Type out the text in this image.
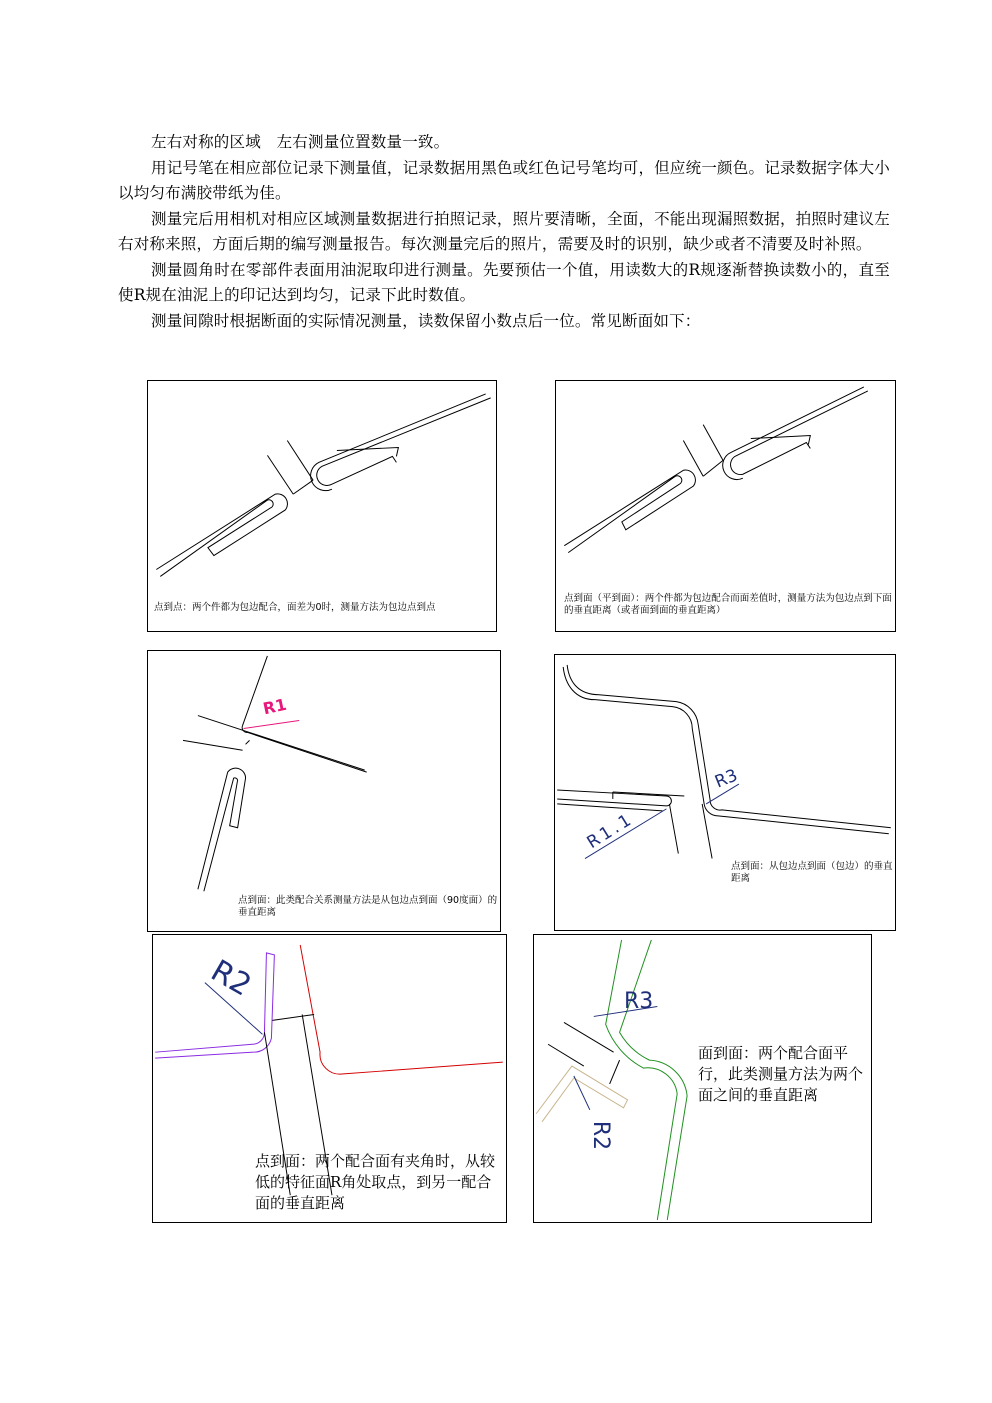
左右对称的区域　左右测量位置数量一致。

用记号笔在相应部位记录下测量值，记录数据用黑色或红色记号笔均可，但应统一颜色。记录数据字体大小以均匀布满胶带纸为佳。

测量完后用相机对相应区域测量数据进行拍照记录，照片要清晰，全面，不能出现漏照数据，拍照时建议左右对称来照，方面后期的编写测量报告。每次测量完后的照片，需要及时的识别，缺少或者不清要及时补照。

测量圆角时在零部件表面用油泥取印进行测量。先要预估一个值，用读数大的R规逐渐替换读数小的，直至使R规在油泥上的印记达到均匀，记录下此时数值。

测量间隙时根据断面的实际情况测量，读数保留小数点后一位。常见断面如下：

点到点：两个件都为包边配合，面差为0时，测量方法为包边点到点
点到面（平到面）：两个件都为包边配合而面差值时，测量方法为包边点到下面的垂直距离（或者面到面的垂直距离）
R1
点到面：此类配合关系测量方法是从包边点到面（90度面）的垂直距离
R3
R1.1
点到面：从包边点到面（包边）的垂直距离
R2
点到面：两个配合面有夹角时，从较低的特征面R角处取点，到另一配合面的垂直距离
R3
R2
面到面：两个配合面平行，此类测量方法为两个面之间的垂直距离
